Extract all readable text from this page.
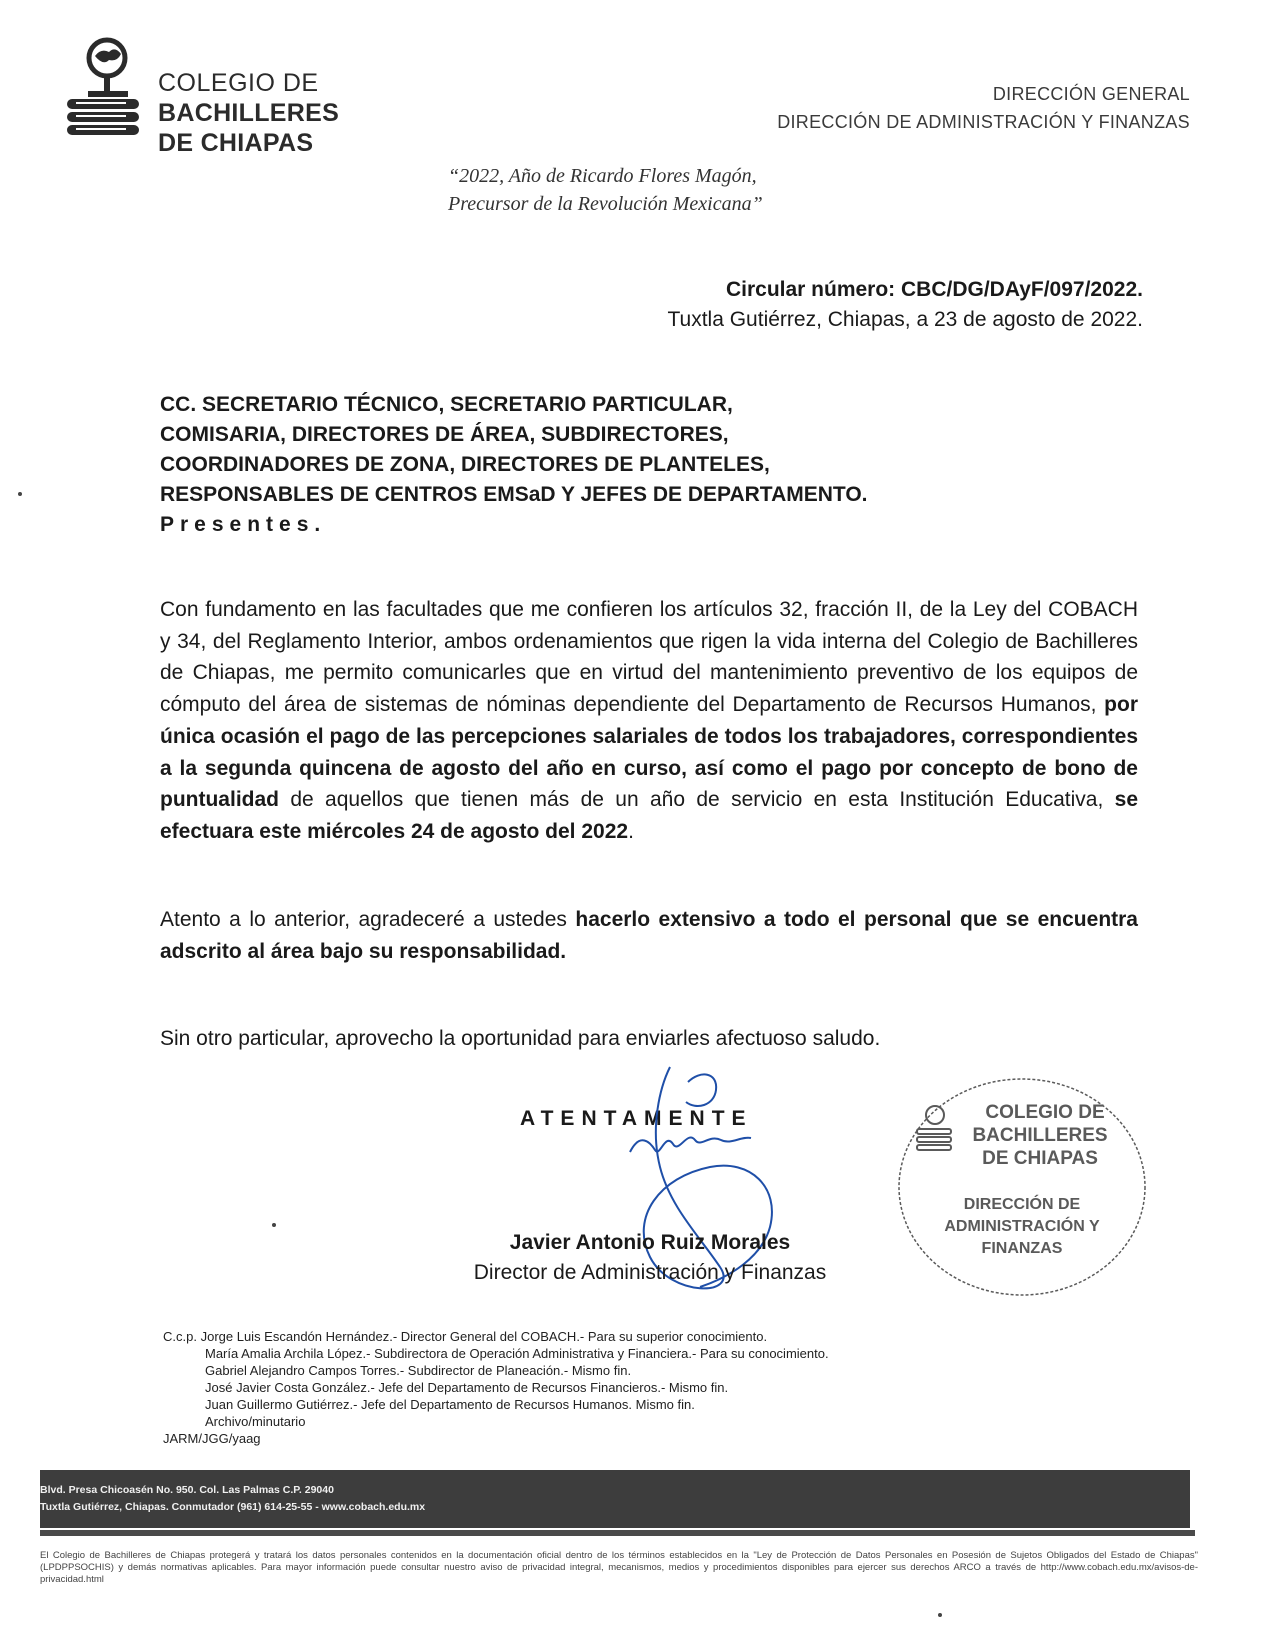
COLEGIO DE
BACHILLERES
DE CHIAPAS
DIRECCIÓN GENERAL
DIRECCIÓN DE ADMINISTRACIÓN Y FINANZAS
“2022, Año de Ricardo Flores Magón,
Precursor de la Revolución Mexicana”
Circular número: CBC/DG/DAyF/097/2022.
Tuxtla Gutiérrez, Chiapas, a 23 de agosto de 2022.
CC. SECRETARIO TÉCNICO, SECRETARIO PARTICULAR,
COMISARIA, DIRECTORES DE ÁREA, SUBDIRECTORES,
COORDINADORES DE ZONA, DIRECTORES DE PLANTELES,
RESPONSABLES DE CENTROS EMSaD Y JEFES DE DEPARTAMENTO.
Presentes.
Con fundamento en las facultades que me confieren los artículos 32, fracción II, de la Ley del COBACH y 34, del Reglamento Interior, ambos ordenamientos que rigen la vida interna del Colegio de Bachilleres de Chiapas, me permito comunicarles que en virtud del mantenimiento preventivo de los equipos de cómputo del área de sistemas de nóminas dependiente del Departamento de Recursos Humanos, por única ocasión el pago de las percepciones salariales de todos los trabajadores, correspondientes a la segunda quincena de agosto del año en curso, así como el pago por concepto de bono de puntualidad de aquellos que tienen más de un año de servicio en esta Institución Educativa, se efectuara este miércoles 24 de agosto del 2022.
Atento a lo anterior, agradeceré a ustedes hacerlo extensivo a todo el personal que se encuentra adscrito al área bajo su responsabilidad.
Sin otro particular, aprovecho la oportunidad para enviarles afectuoso saludo.
ATENTAMENTE
Javier Antonio Ruiz Morales
Director de Administración y Finanzas
COLEGIO DE
BACHILLERES
DE CHIAPAS
DIRECCIÓN DE
ADMINISTRACIÓN Y
FINANZAS
C.c.p. Jorge Luis Escandón Hernández.- Director General del COBACH.- Para su superior conocimiento.
María Amalia Archila López.- Subdirectora de Operación Administrativa y Financiera.- Para su conocimiento.
Gabriel Alejandro Campos Torres.- Subdirector de Planeación.- Mismo fin.
José Javier Costa González.- Jefe del Departamento de Recursos Financieros.- Mismo fin.
Juan Guillermo Gutiérrez.- Jefe del Departamento de Recursos Humanos. Mismo fin.
Archivo/minutario
JARM/JGG/yaag
Blvd. Presa Chicoasén No. 950. Col. Las Palmas C.P. 29040
Tuxtla Gutiérrez, Chiapas. Conmutador (961) 614-25-55 - www.cobach.edu.mx
El Colegio de Bachilleres de Chiapas protegerá y tratará los datos personales contenidos en la documentación oficial dentro de los términos establecidos en la "Ley de Protección de Datos Personales en Posesión de Sujetos Obligados del Estado de Chiapas" (LPDPPSOCHIS) y demás normativas aplicables. Para mayor información puede consultar nuestro aviso de privacidad integral, mecanismos, medios y procedimientos disponibles para ejercer sus derechos ARCO a través de http://www.cobach.edu.mx/avisos-de-privacidad.html
